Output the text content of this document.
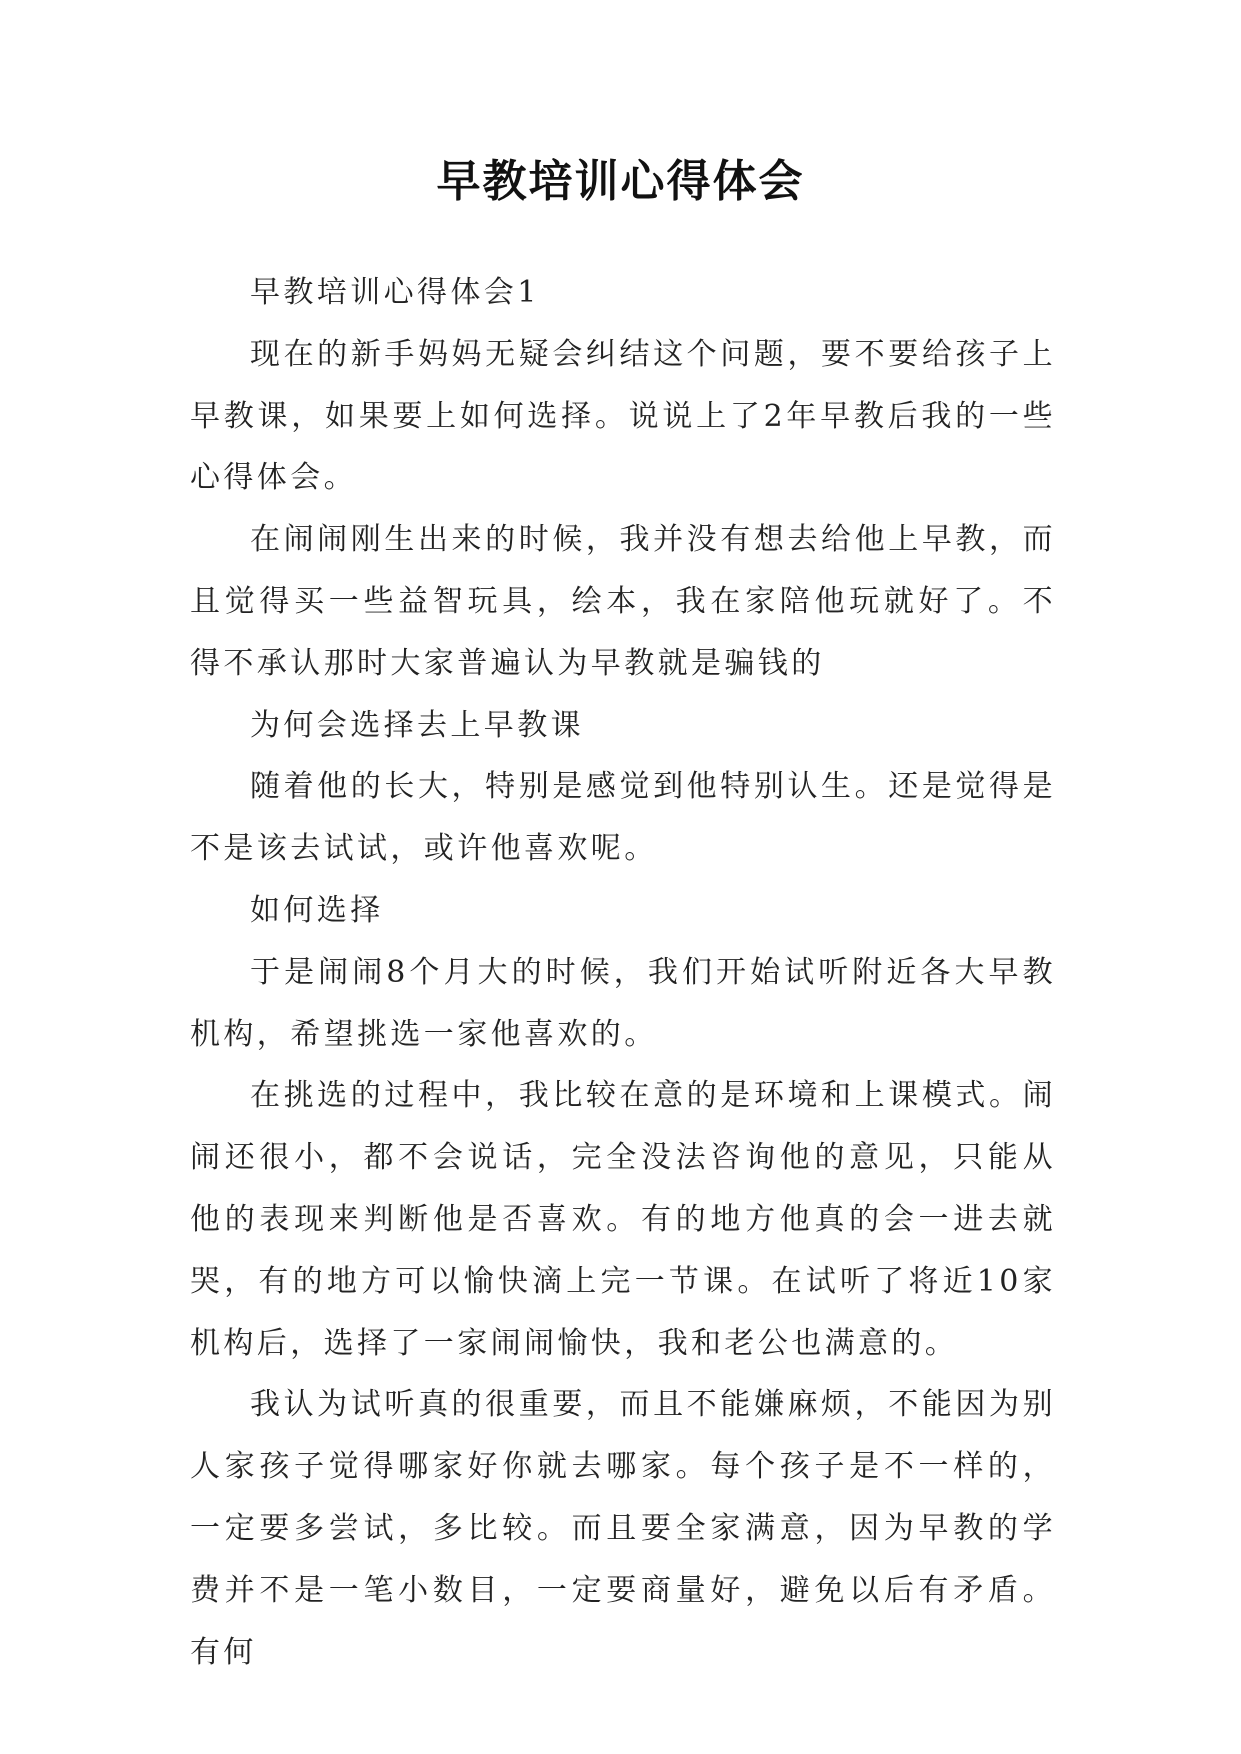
早教培训心得体会

早教培训心得体会1

现在的新手妈妈无疑会纠结这个问题，要不要给孩子上早教课，如果要上如何选择。说说上了2年早教后我的一些心得体会。

在闹闹刚生出来的时候，我并没有想去给他上早教，而且觉得买一些益智玩具，绘本，我在家陪他玩就好了。不得不承认那时大家普遍认为早教就是骗钱的

为何会选择去上早教课

随着他的长大，特别是感觉到他特别认生。还是觉得是不是该去试试，或许他喜欢呢。

如何选择

于是闹闹8个月大的时候，我们开始试听附近各大早教机构，希望挑选一家他喜欢的。

在挑选的过程中，我比较在意的是环境和上课模式。闹闹还很小，都不会说话，完全没法咨询他的意见，只能从他的表现来判断他是否喜欢。有的地方他真的会一进去就哭，有的地方可以愉快滴上完一节课。在试听了将近10家机构后，选择了一家闹闹愉快，我和老公也满意的。

我认为试听真的很重要，而且不能嫌麻烦，不能因为别人家孩子觉得哪家好你就去哪家。每个孩子是不一样的，一定要多尝试，多比较。而且要全家满意，因为早教的学费并不是一笔小数目，一定要商量好，避免以后有矛盾。 有何
